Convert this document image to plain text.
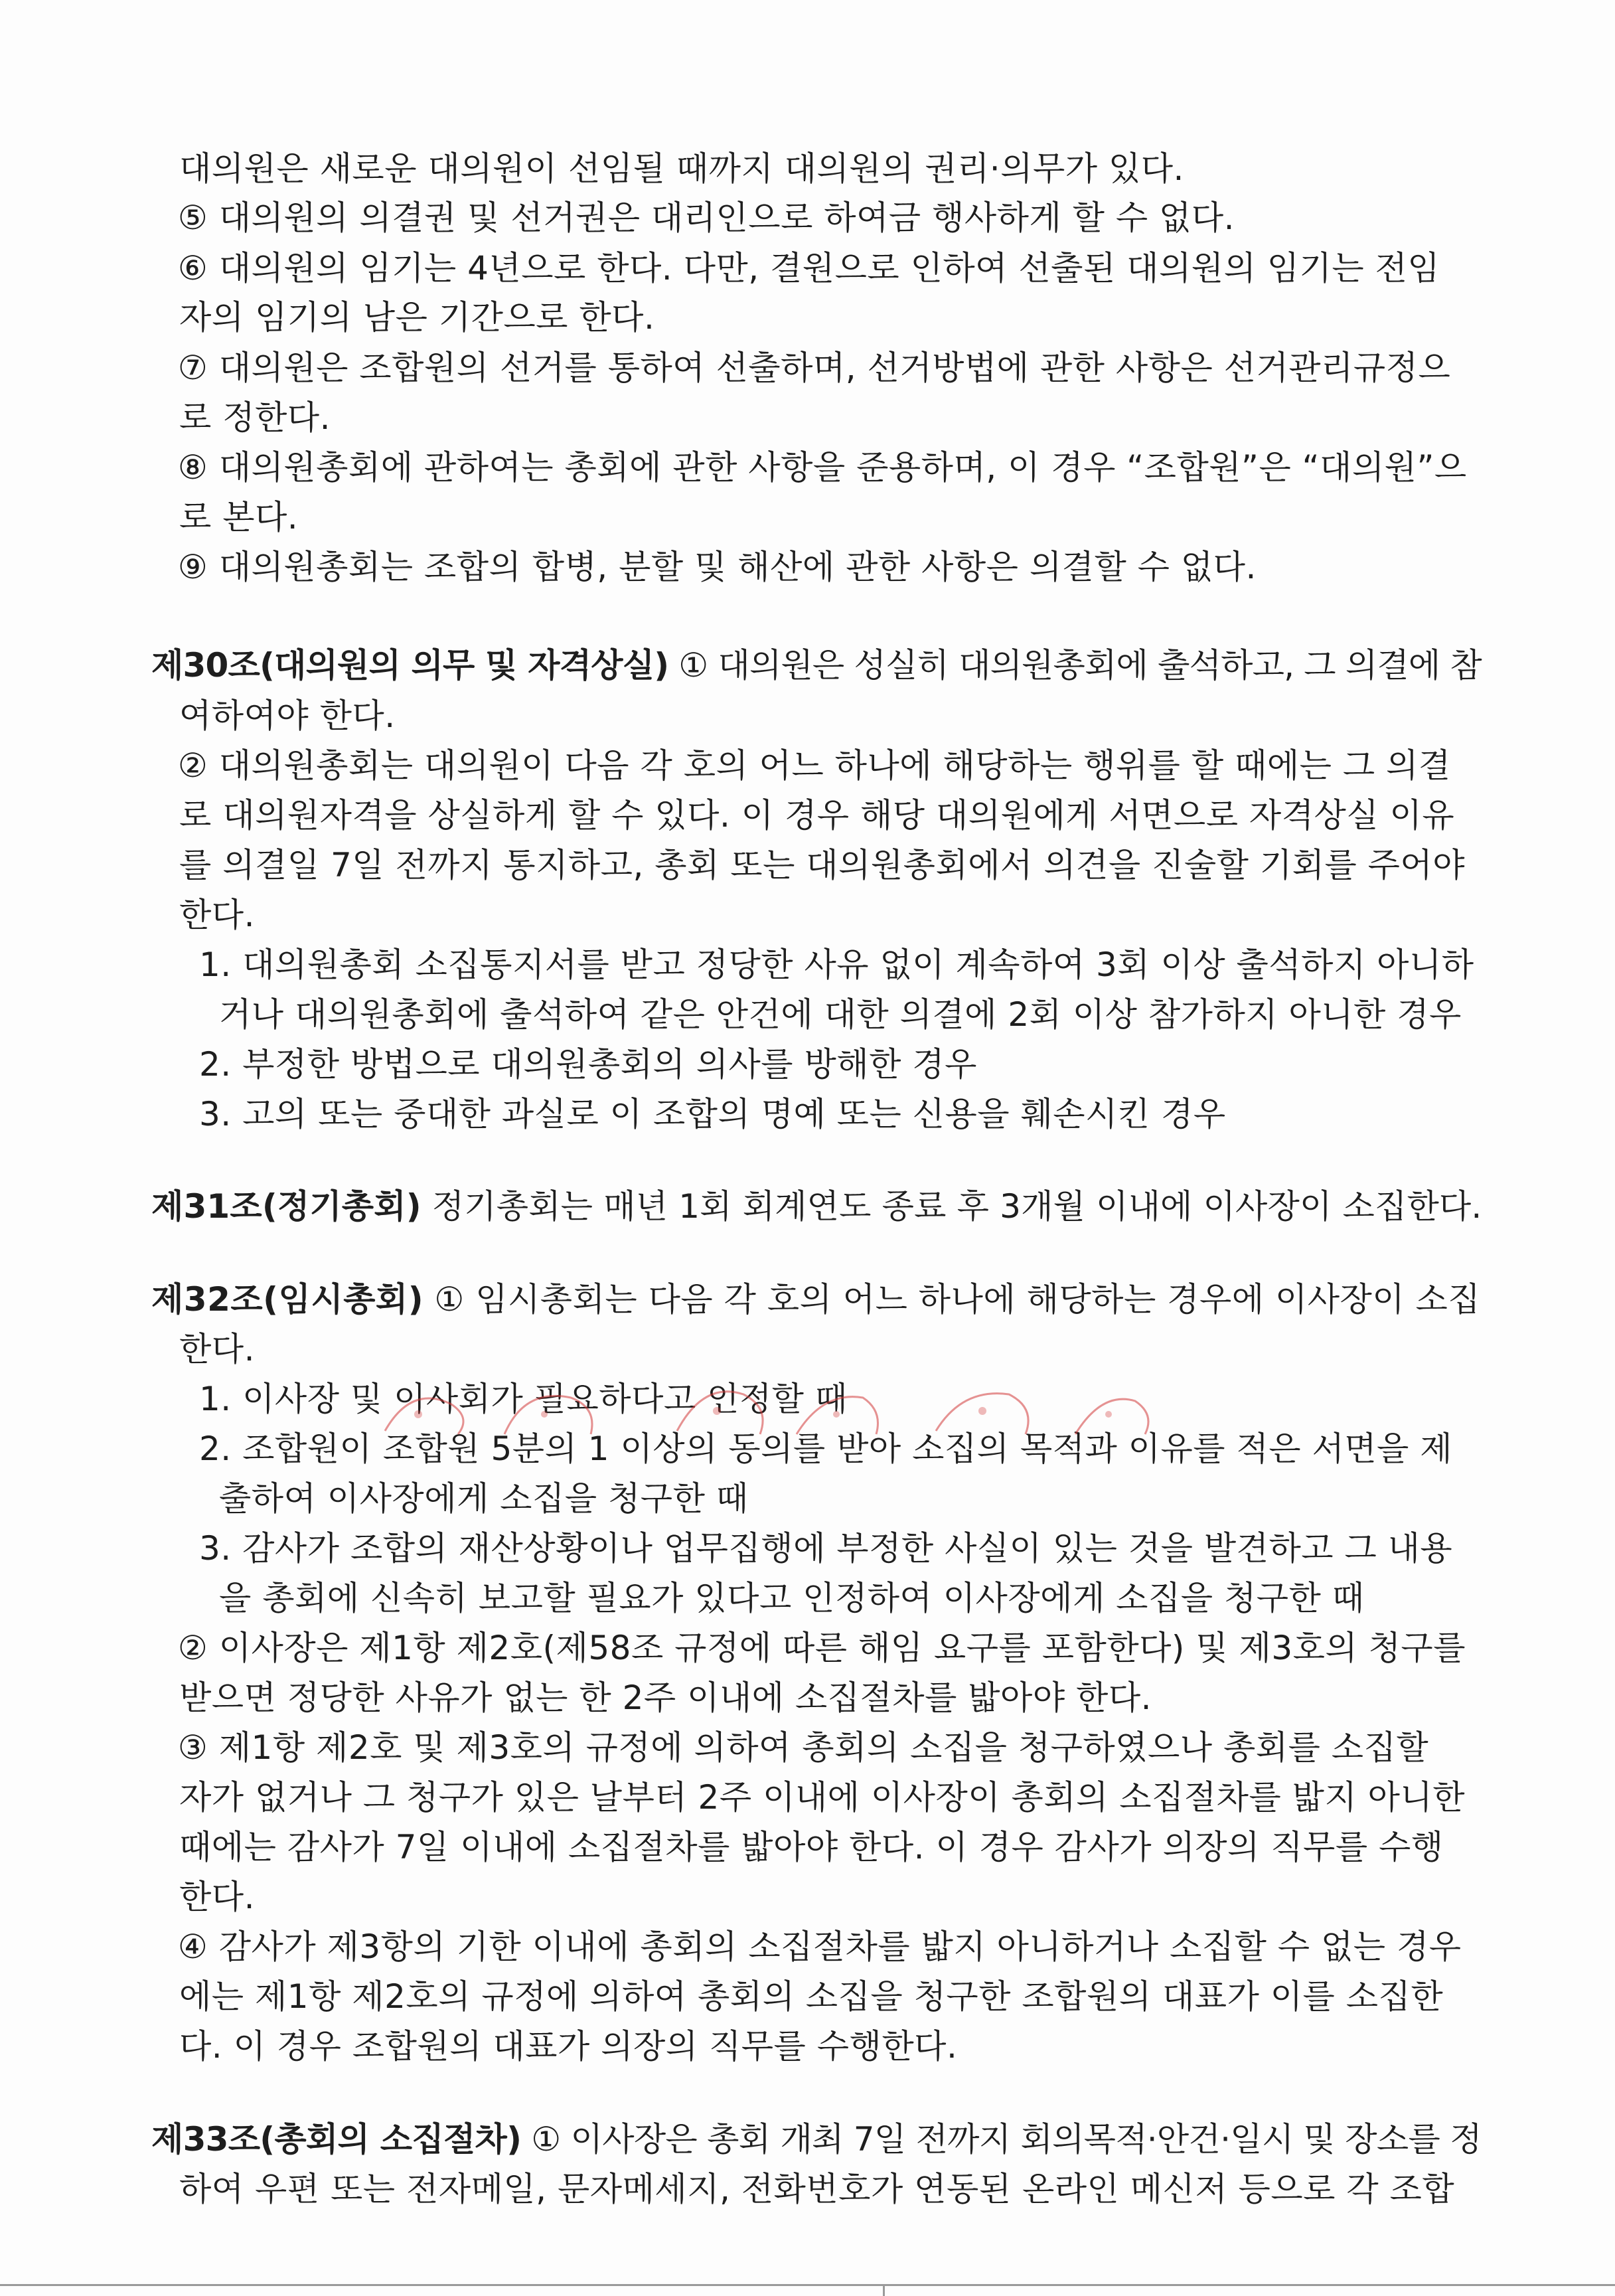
대의원은 새로운 대의원이 선임될 때까지 대의원의 권리·의무가 있다.
⑤ 대의원의 의결권 및 선거권은 대리인으로 하여금 행사하게 할 수 없다.
⑥ 대의원의 임기는 4년으로 한다. 다만, 결원으로 인하여 선출된 대의원의 임기는 전임
자의 임기의 남은 기간으로 한다.
⑦ 대의원은 조합원의 선거를 통하여 선출하며, 선거방법에 관한 사항은 선거관리규정으
로 정한다.
⑧ 대의원총회에 관하여는 총회에 관한 사항을 준용하며, 이 경우 “조합원”은 “대의원”으
로 본다.
⑨ 대의원총회는 조합의 합병, 분할 및 해산에 관한 사항은 의결할 수 없다.
제30조(대의원의 의무 및 자격상실) ① 대의원은 성실히 대의원총회에 출석하고, 그 의결에 참
여하여야 한다.
② 대의원총회는 대의원이 다음 각 호의 어느 하나에 해당하는 행위를 할 때에는 그 의결
로 대의원자격을 상실하게 할 수 있다. 이 경우 해당 대의원에게 서면으로 자격상실 이유
를 의결일 7일 전까지 통지하고, 총회 또는 대의원총회에서 의견을 진술할 기회를 주어야
한다.
1. 대의원총회 소집통지서를 받고 정당한 사유 없이 계속하여 3회 이상 출석하지 아니하
거나 대의원총회에 출석하여 같은 안건에 대한 의결에 2회 이상 참가하지 아니한 경우
2. 부정한 방법으로 대의원총회의 의사를 방해한 경우
3. 고의 또는 중대한 과실로 이 조합의 명예 또는 신용을 훼손시킨 경우
제31조(정기총회) 정기총회는 매년 1회 회계연도 종료 후 3개월 이내에 이사장이 소집한다.
제32조(임시총회) ① 임시총회는 다음 각 호의 어느 하나에 해당하는 경우에 이사장이 소집
한다.
1. 이사장 및 이사회가 필요하다고 인정할 때
2. 조합원이 조합원 5분의 1 이상의 동의를 받아 소집의 목적과 이유를 적은 서면을 제
출하여 이사장에게 소집을 청구한 때
3. 감사가 조합의 재산상황이나 업무집행에 부정한 사실이 있는 것을 발견하고 그 내용
을 총회에 신속히 보고할 필요가 있다고 인정하여 이사장에게 소집을 청구한 때
② 이사장은 제1항 제2호(제58조 규정에 따른 해임 요구를 포함한다) 및 제3호의 청구를
받으면 정당한 사유가 없는 한 2주 이내에 소집절차를 밟아야 한다.
③ 제1항 제2호 및 제3호의 규정에 의하여 총회의 소집을 청구하였으나 총회를 소집할
자가 없거나 그 청구가 있은 날부터 2주 이내에 이사장이 총회의 소집절차를 밟지 아니한
때에는 감사가 7일 이내에 소집절차를 밟아야 한다. 이 경우 감사가 의장의 직무를 수행
한다.
④ 감사가 제3항의 기한 이내에 총회의 소집절차를 밟지 아니하거나 소집할 수 없는 경우
에는 제1항 제2호의 규정에 의하여 총회의 소집을 청구한 조합원의 대표가 이를 소집한
다. 이 경우 조합원의 대표가 의장의 직무를 수행한다.
제33조(총회의 소집절차) ① 이사장은 총회 개최 7일 전까지 회의목적·안건·일시 및 장소를 정
하여 우편 또는 전자메일, 문자메세지, 전화번호가 연동된 온라인 메신저 등으로 각 조합
